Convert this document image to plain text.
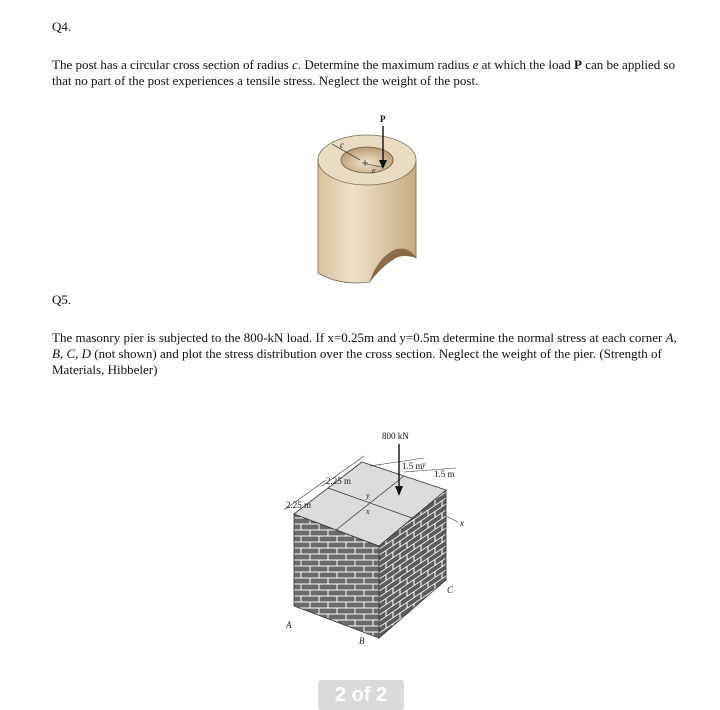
Q4.

The post has a circular cross section of radius c. Determine the maximum radius e at which the load P can be applied so that no part of the post experiences a tensile stress. Neglect the weight of the post.

c
e
P
Q5.

The masonry pier is subjected to the 800-kN load. If x=0.25m and y=0.5m determine the normal stress at each corner A, B, C, D (not shown) and plot the stress distribution over the cross section. Neglect the weight of the pier. (Strength of Materials, Hibbeler)

2.25 m
2.25 m
1.5 m
1.5 m
y
x
y
x
800 kN
A
B
C
2 of 2
